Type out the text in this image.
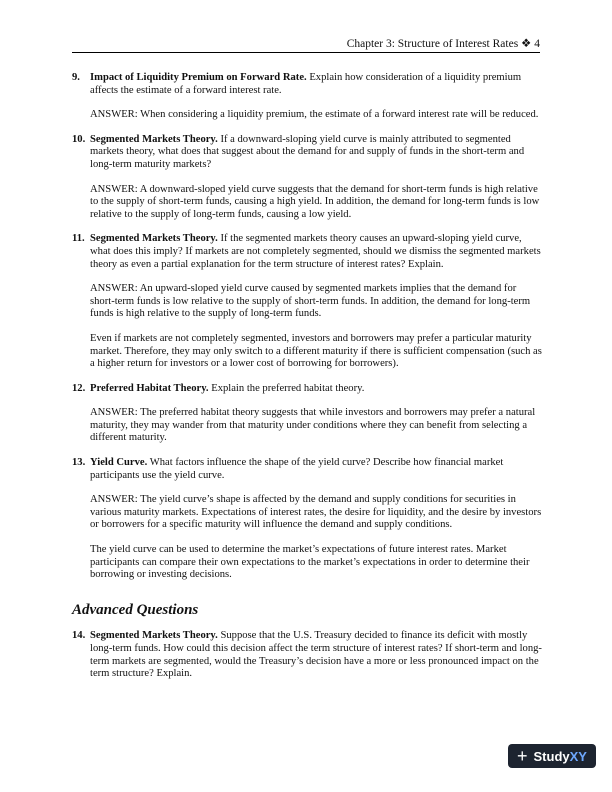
Chapter 3: Structure of Interest Rates ❖ 4
9. Impact of Liquidity Premium on Forward Rate. Explain how consideration of a liquidity premium affects the estimate of a forward interest rate.

ANSWER: When considering a liquidity premium, the estimate of a forward interest rate will be reduced.

10. Segmented Markets Theory. If a downward-sloping yield curve is mainly attributed to segmented markets theory, what does that suggest about the demand for and supply of funds in the short-term and long-term maturity markets?

ANSWER: A downward-sloped yield curve suggests that the demand for short-term funds is high relative to the supply of short-term funds, causing a high yield. In addition, the demand for long-term funds is low relative to the supply of long-term funds, causing a low yield.

11. Segmented Markets Theory. If the segmented markets theory causes an upward-sloping yield curve, what does this imply? If markets are not completely segmented, should we dismiss the segmented markets theory as even a partial explanation for the term structure of interest rates? Explain.

ANSWER: An upward-sloped yield curve caused by segmented markets implies that the demand for short-term funds is low relative to the supply of short-term funds. In addition, the demand for long-term funds is high relative to the supply of long-term funds.

Even if markets are not completely segmented, investors and borrowers may prefer a particular maturity market. Therefore, they may only switch to a different maturity if there is sufficient compensation (such as a higher return for investors or a lower cost of borrowing for borrowers).

12. Preferred Habitat Theory. Explain the preferred habitat theory.

ANSWER: The preferred habitat theory suggests that while investors and borrowers may prefer a natural maturity, they may wander from that maturity under conditions where they can benefit from selecting a different maturity.

13. Yield Curve. What factors influence the shape of the yield curve? Describe how financial market participants use the yield curve.

ANSWER: The yield curve’s shape is affected by the demand and supply conditions for securities in various maturity markets. Expectations of interest rates, the desire for liquidity, and the desire by investors or borrowers for a specific maturity will influence the demand and supply conditions.

The yield curve can be used to determine the market’s expectations of future interest rates. Market participants can compare their own expectations to the market’s expectations in order to determine their borrowing or investing decisions.

Advanced Questions
14. Segmented Markets Theory. Suppose that the U.S. Treasury decided to finance its deficit with mostly long-term funds. How could this decision affect the term structure of interest rates? If short-term and long-term markets are segmented, would the Treasury’s decision have a more or less pronounced impact on the term structure? Explain.
+ Study XY
